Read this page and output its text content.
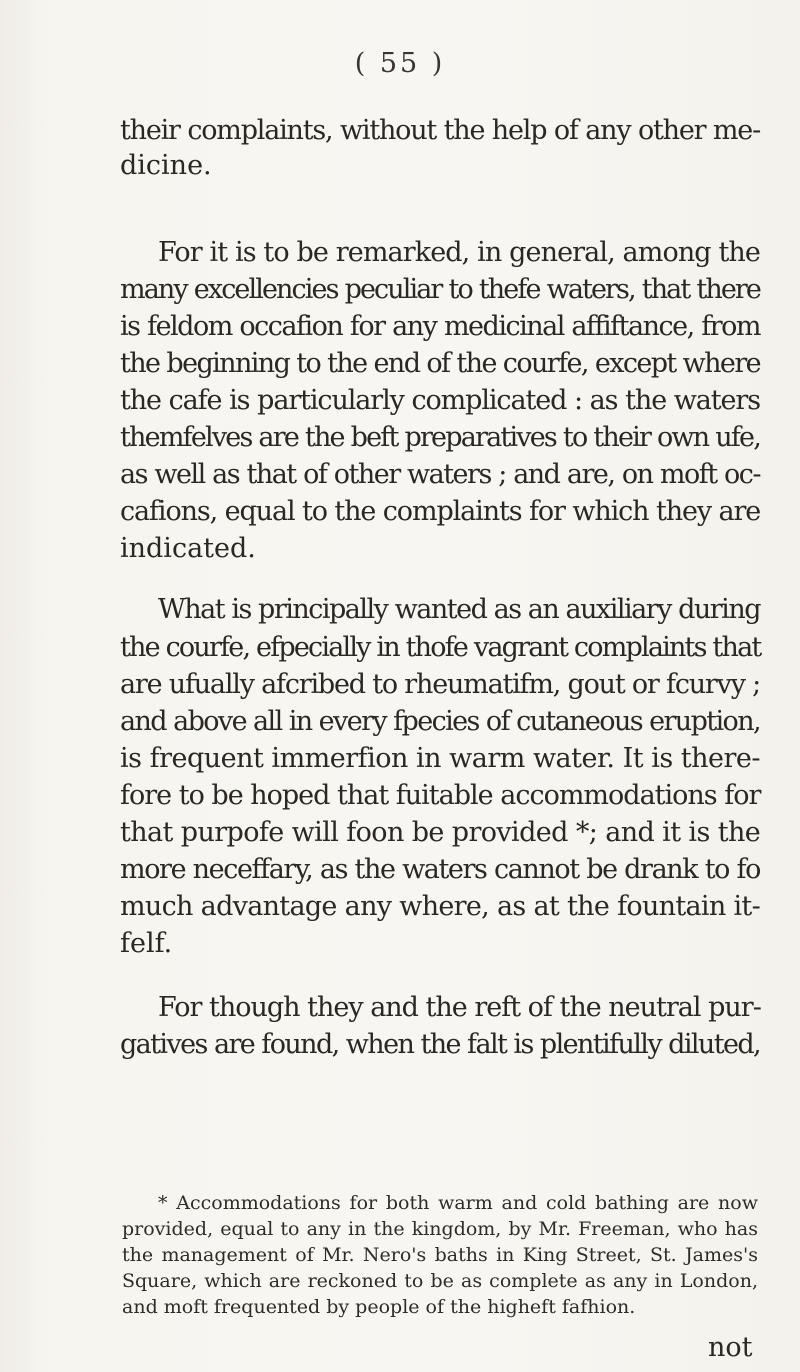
( 55 )
their complaints, without the help of any other me-
dicine.
For it is to be remarked, in general, among the
many excellencies peculiar to thefe waters, that there
is feldom occafion for any medicinal affiftance, from
the beginning to the end of the courfe, except where
the cafe is particularly complicated : as the waters
themfelves are the beft preparatives to their own ufe,
as well as that of other waters ; and are, on moft oc-
cafions, equal to the complaints for which they are
indicated.
What is principally wanted as an auxiliary during
the courfe, efpecially in thofe vagrant complaints that
are ufually afcribed to rheumatifm, gout or fcurvy ;
and above all in every fpecies of cutaneous eruption,
is frequent immerfion in warm water. It is there-
fore to be hoped that fuitable accommodations for
that purpofe will foon be provided *; and it is the
more neceffary, as the waters cannot be drank to fo
much advantage any where, as at the fountain it-
felf.
For though they and the reft of the neutral pur-
gatives are found, when the falt is plentifully diluted,
* Accommodations for both warm and cold bathing are now
provided, equal to any in the kingdom, by Mr. Freeman, who has
the management of Mr. Nero's baths in King Street, St. James's
Square, which are reckoned to be as complete as any in London,
and moft frequented by people of the higheft fafhion.
not
